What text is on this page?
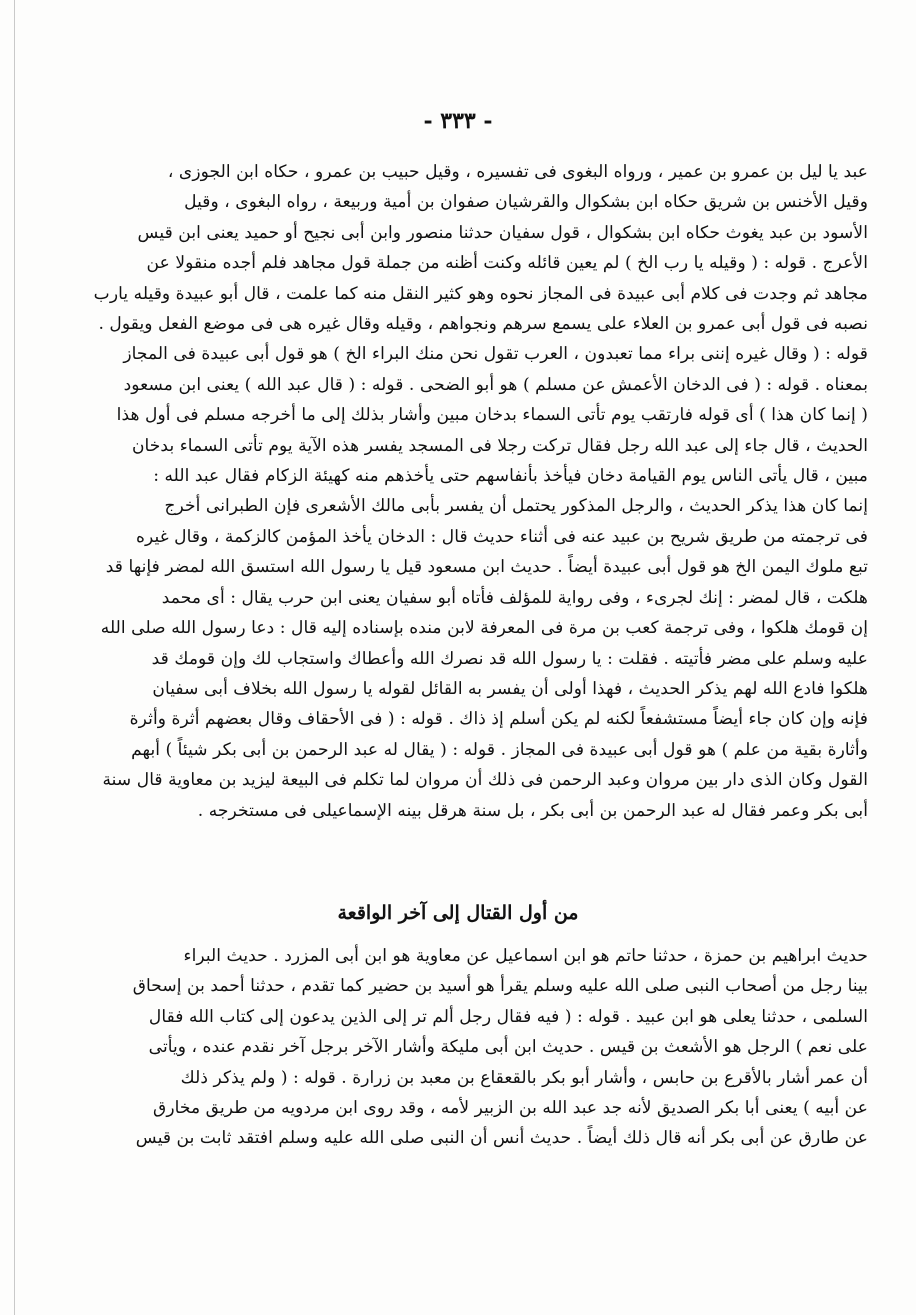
- ٣٣٣ -
عبد يا ليل بن عمرو بن عمير ، ورواه البغوى فى تفسيره ، وقيل حبيب بن عمرو ، حكاه ابن الجوزى ،
وقيل الأخنس بن شريق حكاه ابن بشكوال والقرشيان صفوان بن أمية وربيعة ، رواه البغوى ، وقيل
الأسود بن عبد يغوث حكاه ابن بشكوال ، قول سفيان حدثنا منصور وابن أبى نجيح أو حميد يعنى ابن قيس
الأعرج . قوله : ( وقيله يا رب الخ ) لم يعين قائله وكنت أظنه من جملة قول مجاهد فلم أجده منقولا عن
مجاهد ثم وجدت فى كلام أبى عبيدة فى المجاز نحوه وهو كثير النقل منه كما علمت ، قال أبو عبيدة وقيله يارب
نصبه فى قول أبى عمرو بن العلاء على يسمع سرهم ونجواهم ، وقيله وقال غيره هى فى موضع الفعل ويقول .
قوله : ( وقال غيره إننى براء مما تعبدون ، العرب تقول نحن منك البراء الخ ) هو قول أبى عبيدة فى المجاز
بمعناه . قوله : ( فى الدخان الأعمش عن مسلم ) هو أبو الضحى . قوله : ( قال عبد الله ) يعنى ابن مسعود
( إنما كان هذا ) أى قوله فارتقب يوم تأتى السماء بدخان مبين وأشار بذلك إلى ما أخرجه مسلم فى أول هذا
الحديث ، قال جاء إلى عبد الله رجل فقال تركت رجلا فى المسجد يفسر هذه الآية يوم تأتى السماء بدخان
مبين ، قال يأتى الناس يوم القيامة دخان فيأخذ بأنفاسهم حتى يأخذهم منه كهيئة الزكام فقال عبد الله :
إنما كان هذا يذكر الحديث ، والرجل المذكور يحتمل أن يفسر بأبى مالك الأشعرى فإن الطبرانى أخرج
فى ترجمته من طريق شريح بن عبيد عنه فى أثناء حديث قال : الدخان يأخذ المؤمن كالزكمة ، وقال غيره
تبع ملوك اليمن الخ هو قول أبى عبيدة أيضاً . حديث ابن مسعود قيل يا رسول الله استسق الله لمضر فإنها قد
هلكت ، قال لمضر : إنك لجرىء ، وفى رواية للمؤلف فأتاه أبو سفيان يعنى ابن حرب يقال : أى محمد
إن قومك هلكوا ، وفى ترجمة كعب بن مرة فى المعرفة لابن منده بإسناده إليه قال : دعا رسول الله صلى الله
عليه وسلم على مضر فأتيته . فقلت : يا رسول الله قد نصرك الله وأعطاك واستجاب لك وإن قومك قد
هلكوا فادع الله لهم يذكر الحديث ، فهذا أولى أن يفسر به القائل لقوله يا رسول الله بخلاف أبى سفيان
فإنه وإن كان جاء أيضاً مستشفعاً لكنه لم يكن أسلم إذ ذاك . قوله : ( فى الأحقاف وقال بعضهم أثرة وأثرة
وأثارة بقية من علم ) هو قول أبى عبيدة فى المجاز . قوله : ( يقال له عبد الرحمن بن أبى بكر شيئاً ) أبهم
القول وكان الذى دار بين مروان وعبد الرحمن فى ذلك أن مروان لما تكلم فى البيعة ليزيد بن معاوية قال سنة
أبى بكر وعمر فقال له عبد الرحمن بن أبى بكر ، بل سنة هرقل بينه الإسماعيلى فى مستخرجه .
من أول القتال إلى آخر الواقعة
حديث ابراهيم بن حمزة ، حدثنا حاتم هو ابن اسماعيل عن معاوية هو ابن أبى المزرد . حديث البراء
بينا رجل من أصحاب النبى صلى الله عليه وسلم يقرأ هو أسيد بن حضير كما تقدم ، حدثنا أحمد بن إسحاق
السلمى ، حدثنا يعلى هو ابن عبيد . قوله : ( فيه فقال رجل ألم تر إلى الذين يدعون إلى كتاب الله فقال
على نعم ) الرجل هو الأشعث بن قيس . حديث ابن أبى مليكة وأشار الآخر برجل آخر نقدم عنده ، ويأتى
أن عمر أشار بالأقرع بن حابس ، وأشار أبو بكر بالقعقاع بن معبد بن زرارة . قوله : ( ولم يذكر ذلك
عن أبيه ) يعنى أبا بكر الصديق لأنه جد عبد الله بن الزبير لأمه ، وقد روى ابن مردويه من طريق مخارق
عن طارق عن أبى بكر أنه قال ذلك أيضاً . حديث أنس أن النبى صلى الله عليه وسلم افتقد ثابت بن قيس
